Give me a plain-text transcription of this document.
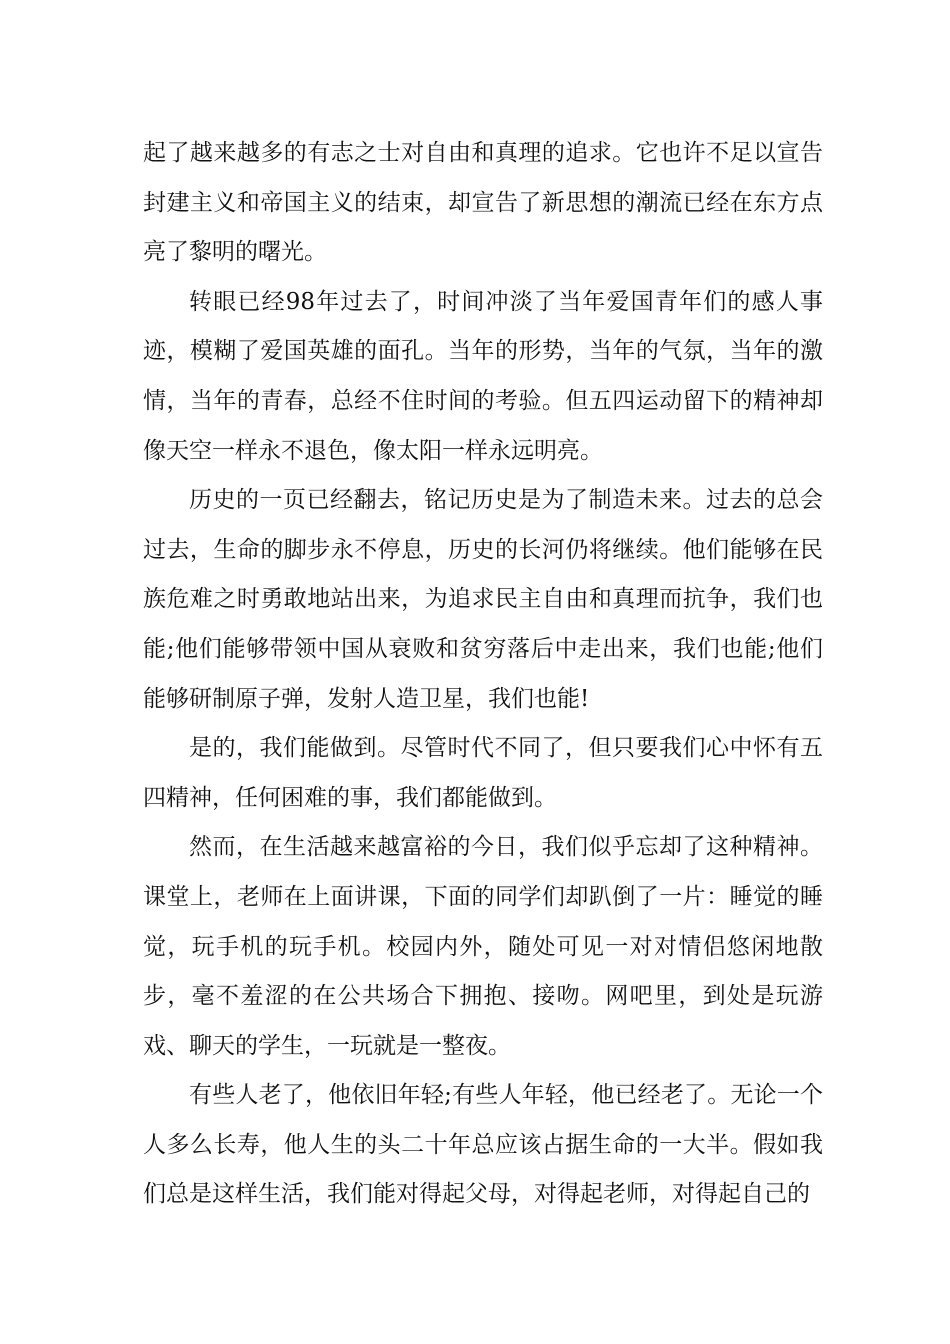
起了越来越多的有志之士对自由和真理的追求。它也许不足以宣告封建主义和帝国主义的结束，却宣告了新思想的潮流已经在东方点亮了黎明的曙光。

转眼已经98年过去了，时间冲淡了当年爱国青年们的感人事迹，模糊了爱国英雄的面孔。当年的形势，当年的气氛，当年的激情，当年的青春，总经不住时间的考验。但五四运动留下的精神却像天空一样永不退色，像太阳一样永远明亮。

历史的一页已经翻去，铭记历史是为了制造未来。过去的总会过去，生命的脚步永不停息，历史的长河仍将继续。他们能够在民族危难之时勇敢地站出来，为追求民主自由和真理而抗争，我们也能;他们能够带领中国从衰败和贫穷落后中走出来，我们也能;他们能够研制原子弹，发射人造卫星，我们也能!

是的，我们能做到。尽管时代不同了，但只要我们心中怀有五四精神，任何困难的事，我们都能做到。

然而，在生活越来越富裕的今日，我们似乎忘却了这种精神。课堂上，老师在上面讲课，下面的同学们却趴倒了一片：睡觉的睡觉，玩手机的玩手机。校园内外，随处可见一对对情侣悠闲地散步，毫不羞涩的在公共场合下拥抱、接吻。网吧里，到处是玩游戏、聊天的学生，一玩就是一整夜。

有些人老了，他依旧年轻;有些人年轻，他已经老了。无论一个人多么长寿，他人生的头二十年总应该占据生命的一大半。假如我们总是这样生活，我们能对得起父母，对得起老师，对得起自己的
